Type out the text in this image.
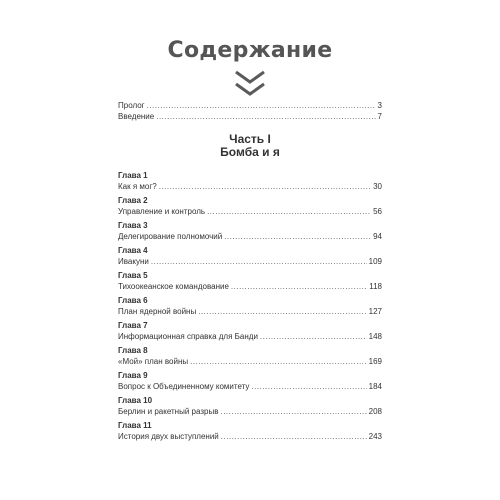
Содержание
Пролог .....	3
Введение .....	7
Часть I
Бомба и я
Глава 1
Как я мог? .....	30
Глава 2
Управление и контроль .....	56
Глава 3
Делегирование полномочий .....	94
Глава 4
Ивакуни .....	109
Глава 5
Тихоокеанское командование .....	118
Глава 6
План ядерной войны .....	127
Глава 7
Информационная справка для Банди .....	148
Глава 8
«Мой» план войны .....	169
Глава 9
Вопрос к Объединенному комитету .....	184
Глава 10
Берлин и ракетный разрыв .....	208
Глава 11
История двух выступлений .....	243
